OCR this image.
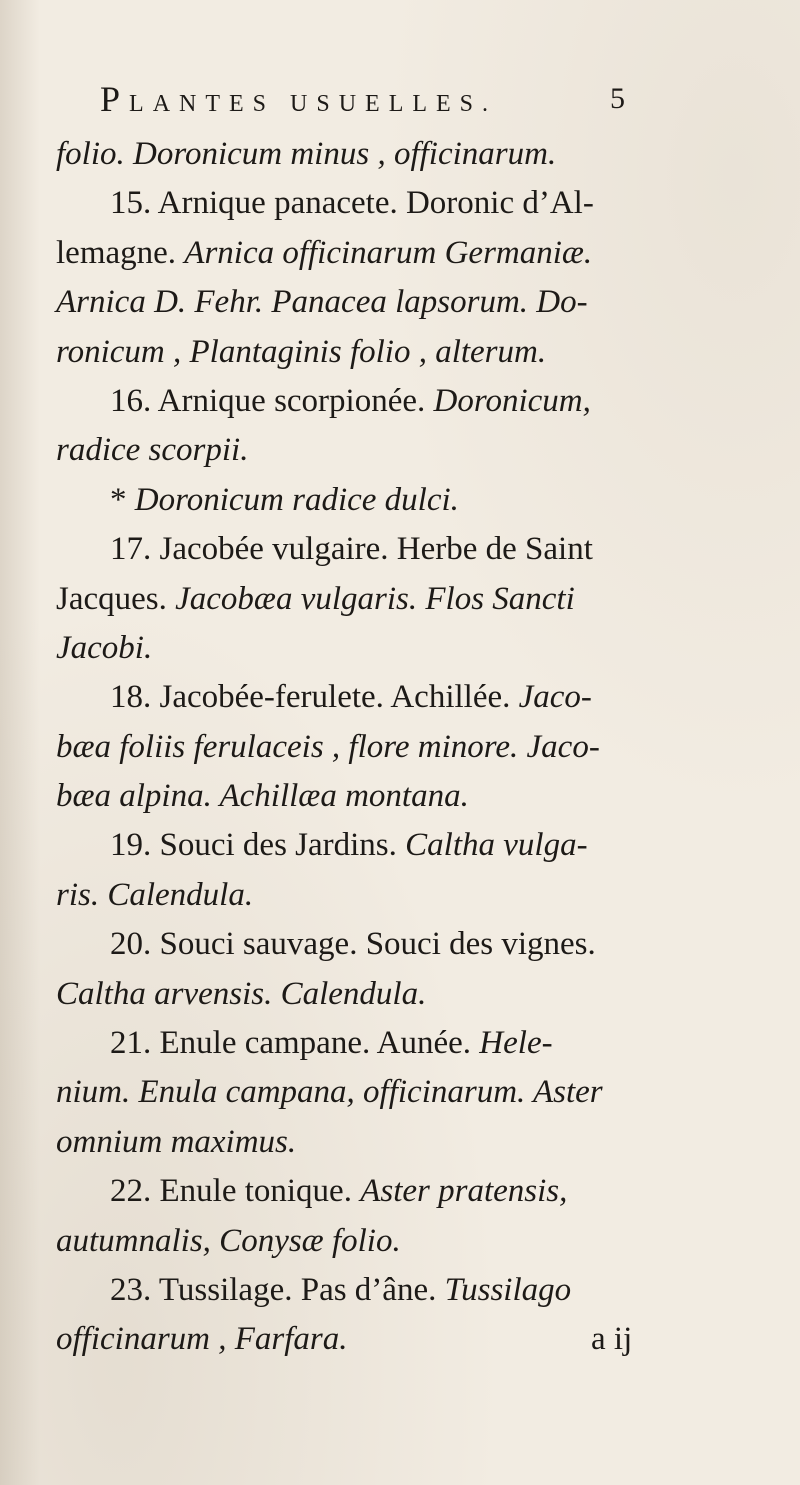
PLANTES USUELLES.	5
folio. Doronicum minus , officinarum.
15. Arnique panacete. Doronic d’Al-
lemagne. Arnica officinarum Germaniæ.
Arnica D. Fehr. Panacea lapsorum. Do-
ronicum , Plantaginis folio , alterum.
16. Arnique scorpionée. Doronicum,
radice scorpii.
* Doronicum radice dulci.
17. Jacobée vulgaire. Herbe de Saint
Jacques. Jacobæa vulgaris. Flos Sancti
Jacobi.
18. Jacobée-ferulete. Achillée. Jaco-
bæa foliis ferulaceis , flore minore. Jaco-
bæa alpina. Achillæa montana.
19. Souci des Jardins. Caltha vulga-
ris. Calendula.
20. Souci sauvage. Souci des vignes.
Caltha arvensis. Calendula.
21. Enule campane. Aunée. Hele-
nium. Enula campana, officinarum. Aster
omnium maximus.
22. Enule tonique. Aster pratensis,
autumnalis, Conysæ folio.
23. Tussilage. Pas d’âne. Tussilago
officinarum , Farfara.	a ij
